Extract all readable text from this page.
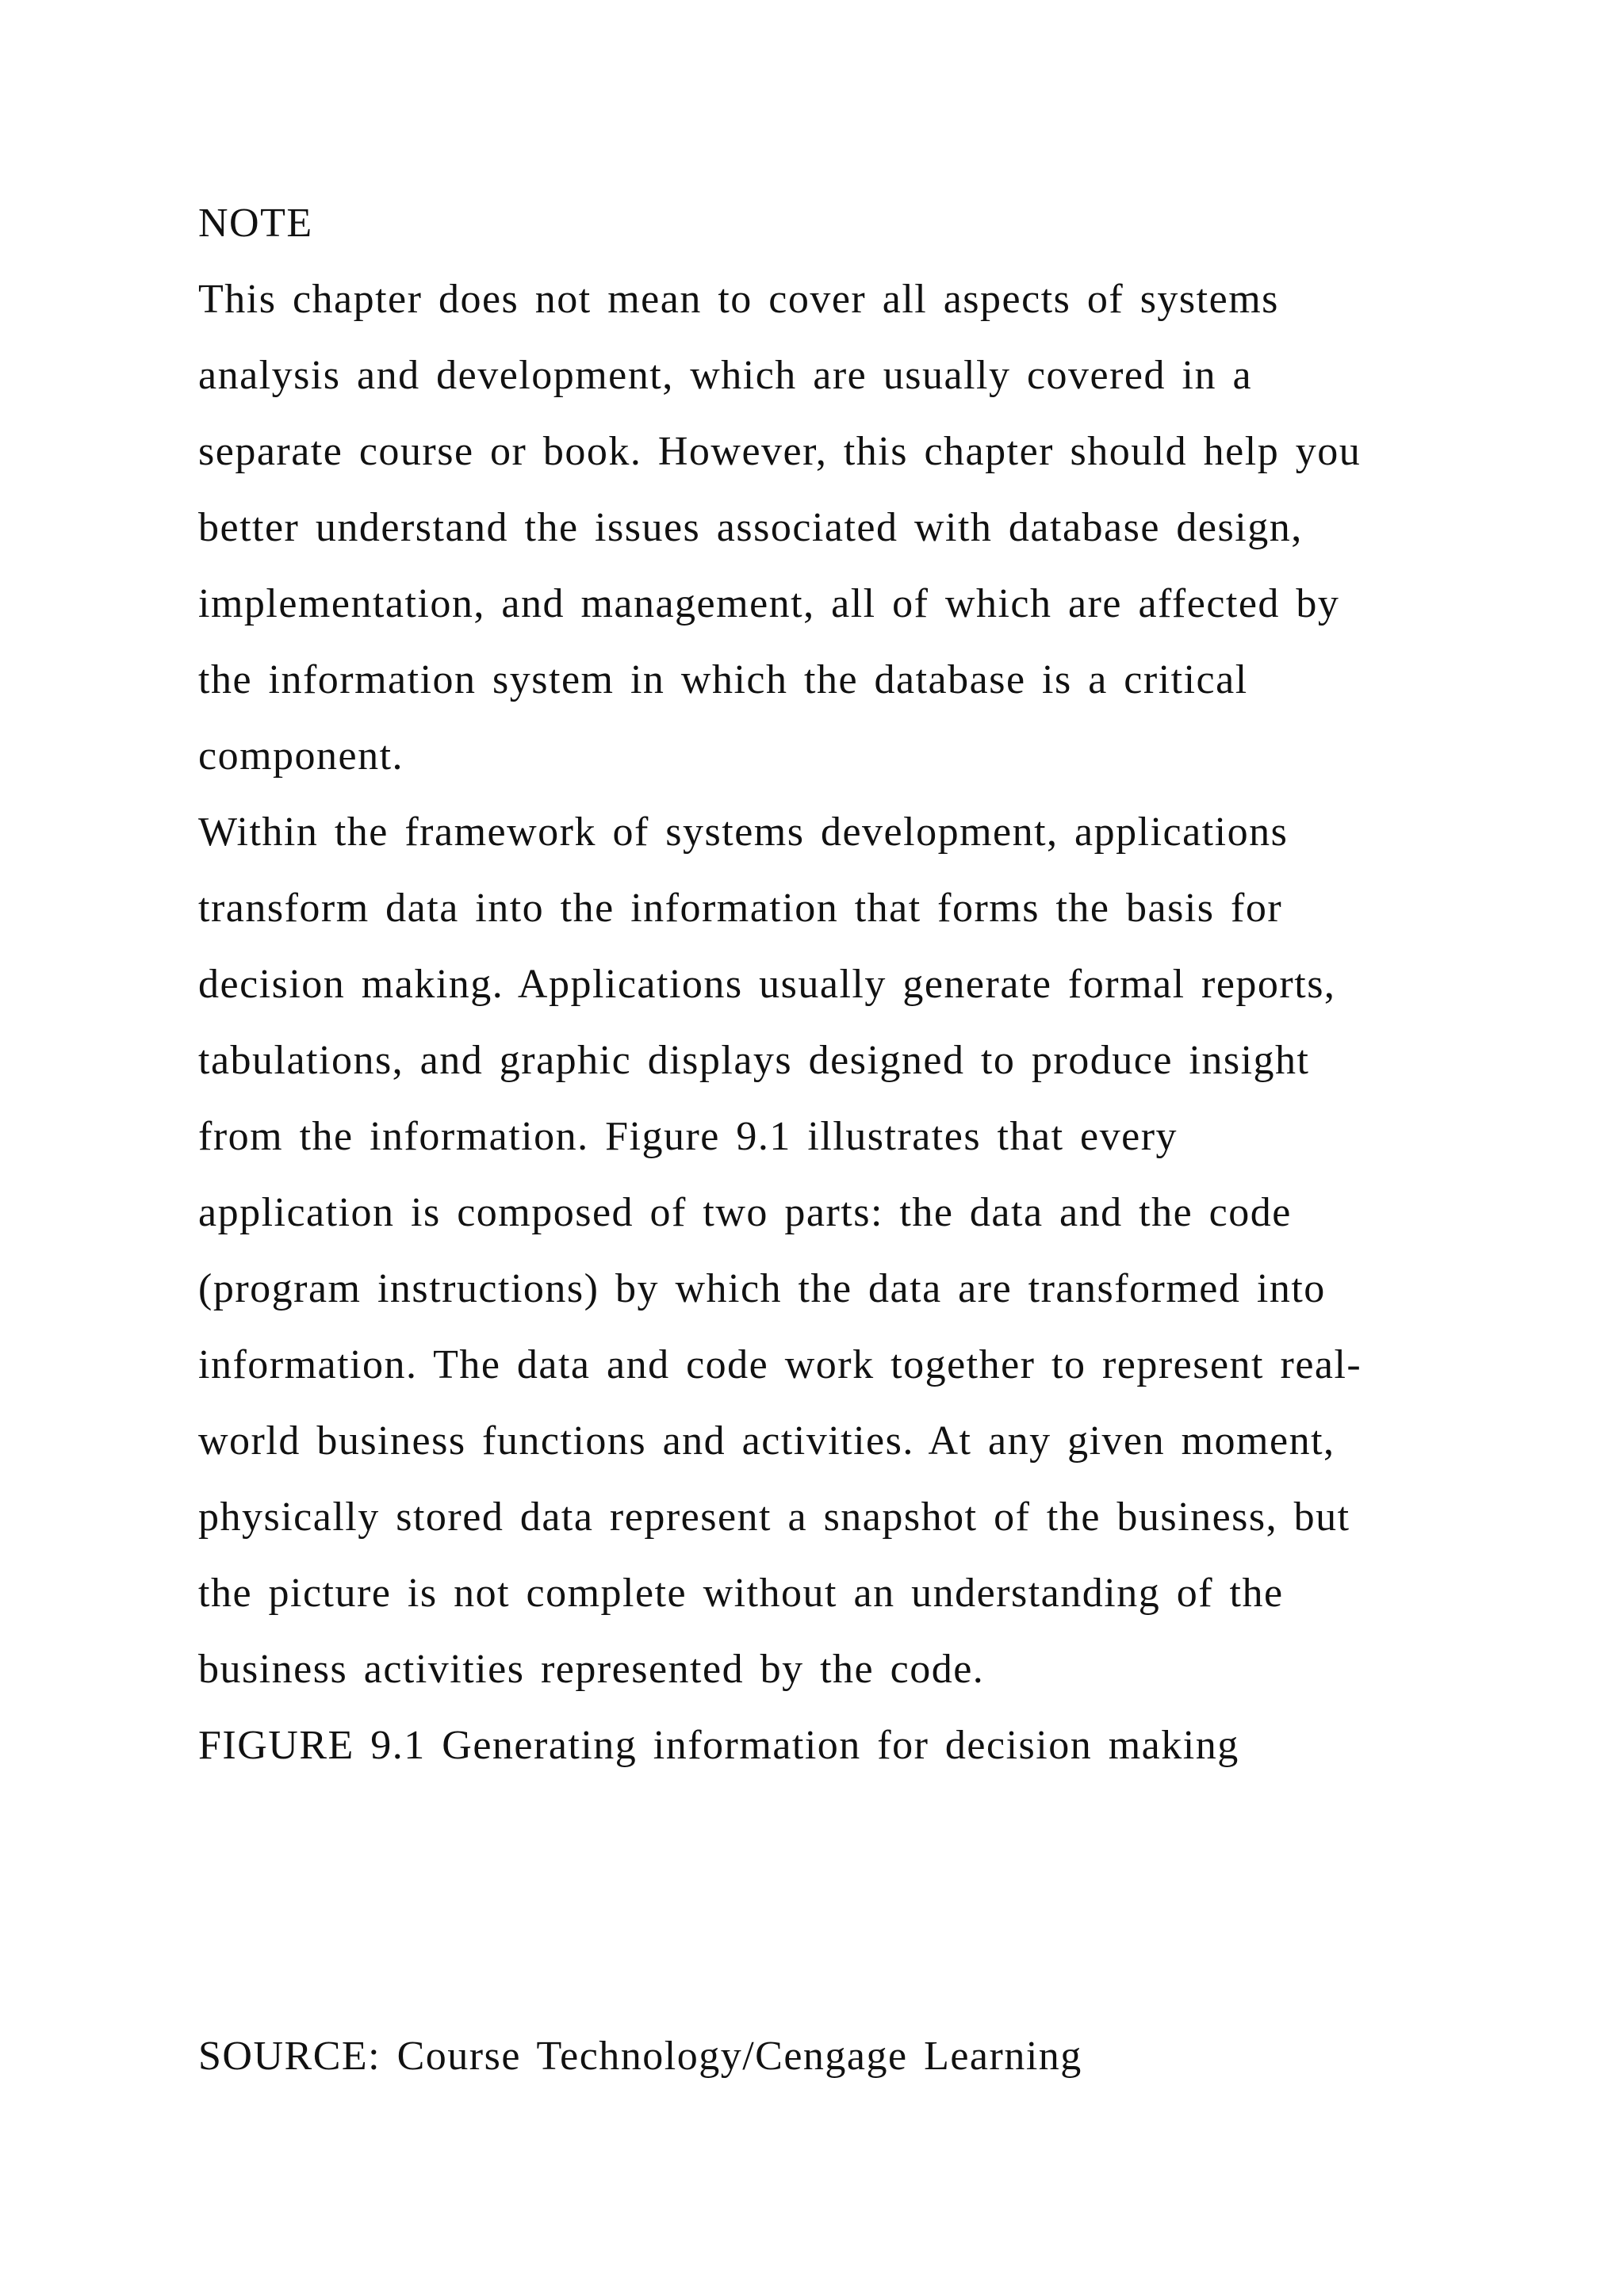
NOTE
This chapter does not mean to cover all aspects of systems
analysis and development, which are usually covered in a
separate course or book. However, this chapter should help you
better understand the issues associated with database design,
implementation, and management, all of which are affected by
the information system in which the database is a critical
component.
Within the framework of systems development, applications
transform data into the information that forms the basis for
decision making. Applications usually generate formal reports,
tabulations, and graphic displays designed to produce insight
from the information. Figure 9.1 illustrates that every
application is composed of two parts: the data and the code
(program instructions) by which the data are transformed into
information. The data and code work together to represent real-
world business functions and activities. At any given moment,
physically stored data represent a snapshot of the business, but
the picture is not complete without an understanding of the
business activities represented by the code.
FIGURE 9.1 Generating information for decision making
SOURCE: Course Technology/Cengage Learning
